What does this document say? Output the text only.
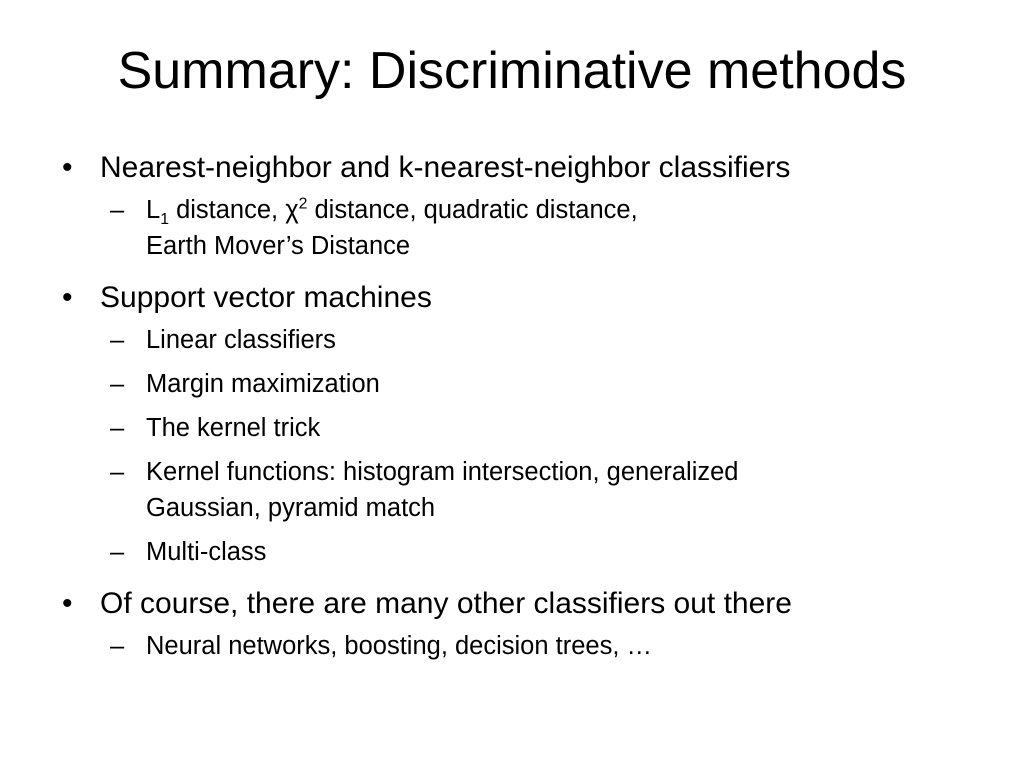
Summary: Discriminative methods
• Nearest-neighbor and k-nearest-neighbor classifiers
– $L_1$ distance, $\chi^2$ distance, quadratic distance,
Earth Mover’s Distance
• Support vector machines
– Linear classifiers
– Margin maximization
– The kernel trick
– Kernel functions: histogram intersection, generalized
Gaussian, pyramid match
– Multi-class
• Of course, there are many other classifiers out there
– Neural networks, boosting, decision trees, …
